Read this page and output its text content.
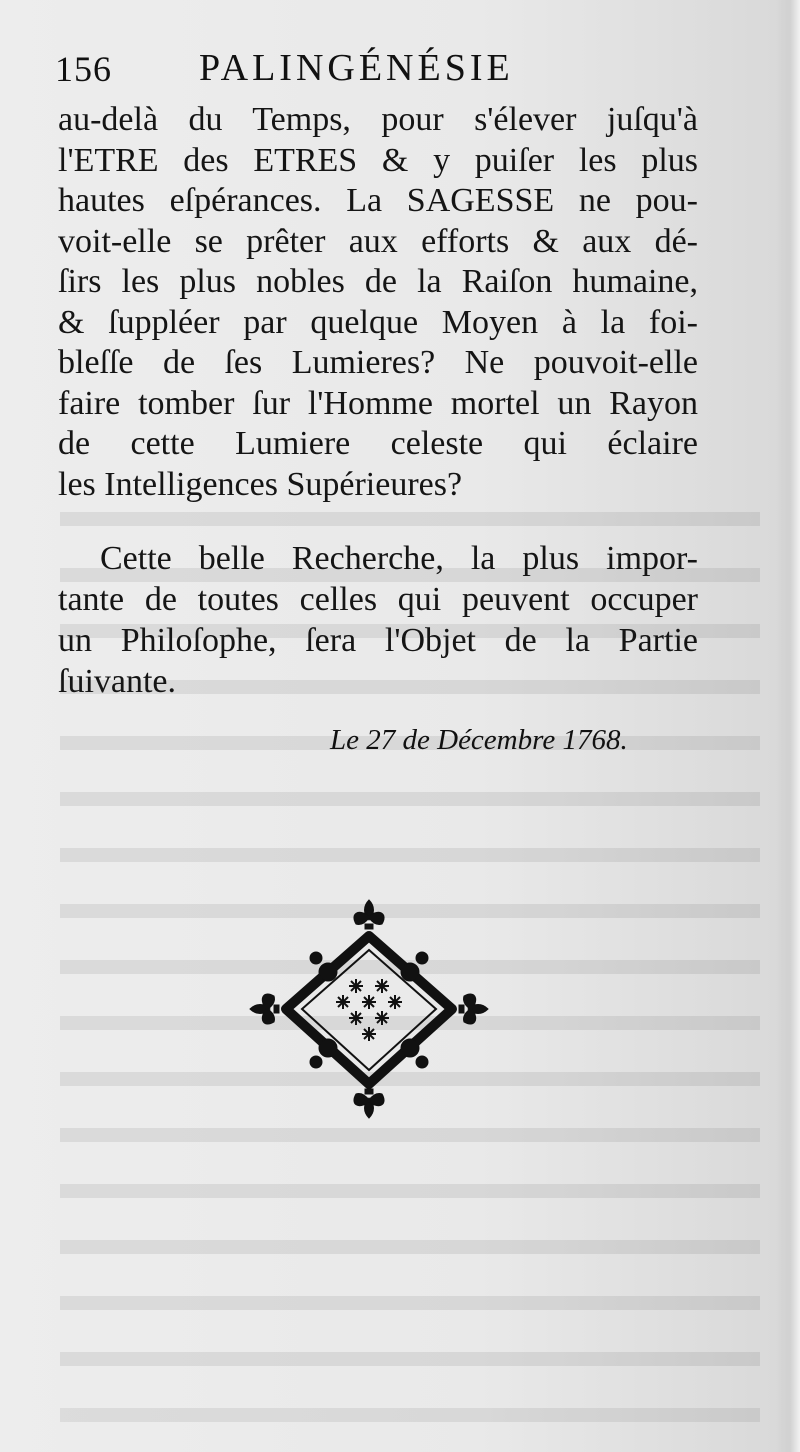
156 PALINGÉNÉSIE
au-delà du Temps, pour s'élever juſqu'à
l'ETRE des ETRES & y puiſer les plus
hautes eſpérances. La SAGESSE ne pou-
voit-elle se prêter aux efforts & aux dé-
ſirs les plus nobles de la Raiſon humaine,
& ſuppléer par quelque Moyen à la foi-
bleſſe de ſes Lumieres? Ne pouvoit-elle
faire tomber ſur l'Homme mortel un Rayon
de cette Lumiere celeste qui éclaire
les Intelligences Supérieures?
Cette belle Recherche, la plus impor-
tante de toutes celles qui peuvent occuper
un Philoſophe, ſera l'Objet de la Partie
ſuivante.
Le 27 de Décembre 1768.
